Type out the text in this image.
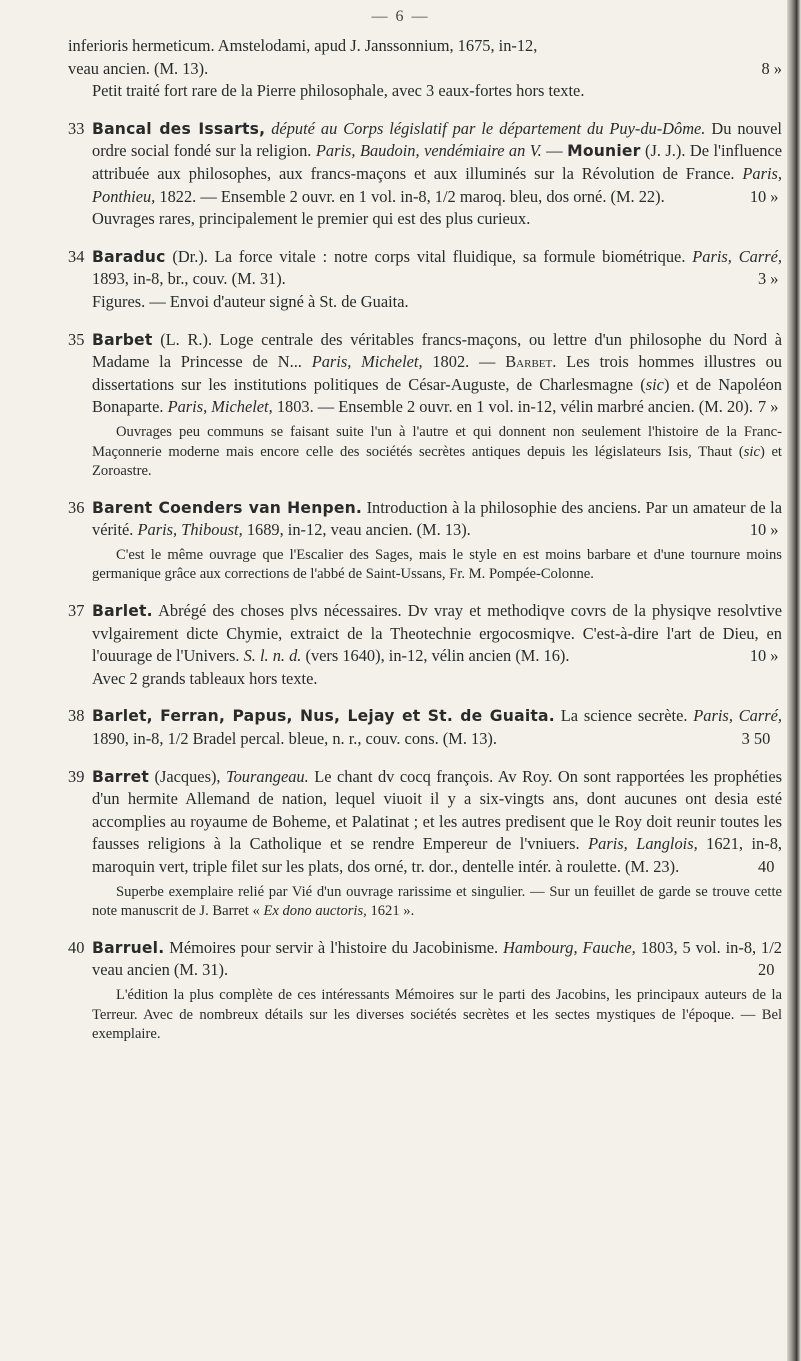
— 6 —

inferioris hermeticum. Amstelodami, apud J. Janssonnium, 1675, in-12,

veau ancien. (M. 13).	8 »

Petit traité fort rare de la Pierre philosophale, avec 3 eaux-fortes hors texte.

33 Bancal des Issarts, député au Corps législatif par le département du Puy-du-Dôme. Du nouvel ordre social fondé sur la religion. Paris, Baudoin, vendémiaire an V. — Mounier (J. J.). De l'influence attribuée aux philosophes, aux francs-maçons et aux illuminés sur la Révolution de France. Paris, Ponthieu, 1822. — Ensemble 2 ouvr. en 1 vol. in-8, 1/2 maroq. bleu, dos orné. (M. 22).	10 »

Ouvrages rares, principalement le premier qui est des plus curieux.

34 Baraduc (Dr.). La force vitale : notre corps vital fluidique, sa formule biométrique. Paris, Carré, 1893, in-8, br., couv. (M. 31).	3 »

Figures. — Envoi d'auteur signé à St. de Guaita.

35 Barbet (L. R.). Loge centrale des véritables francs-maçons, ou lettre d'un philosophe du Nord à Madame la Princesse de N... Paris, Michelet, 1802. — Barbet. Les trois hommes illustres ou dissertations sur les institutions politiques de César-Auguste, de Charlesmagne (sic) et de Napoléon Bonaparte. Paris, Michelet, 1803. — Ensemble 2 ouvr. en 1 vol. in-12, vélin marbré ancien. (M. 20). 7 »

Ouvrages peu communs se faisant suite l'un à l'autre et qui donnent non seulement l'histoire de la Franc-Maçonnerie moderne mais encore celle des sociétés secrètes antiques depuis les législateurs Isis, Thaut (sic) et Zoroastre.

36 Barent Coenders van Henpen. Introduction à la philosophie des anciens. Par un amateur de la vérité. Paris, Thiboust, 1689, in-12, veau ancien. (M. 13).	10 »

C'est le même ouvrage que l'Escalier des Sages, mais le style en est moins barbare et d'une tournure moins germanique grâce aux corrections de l'abbé de Saint-Ussans, Fr. M. Pompée-Colonne.

37 Barlet. Abrégé des choses plvs nécessaires. Dv vray et methodiqve covrs de la physiqve resolvtive vvlgairement dicte Chymie, extraict de la Theotechnie ergocosmiqve. C'est-à-dire l'art de Dieu, en l'ouurage de l'Univers. S. l. n. d. (vers 1640), in-12, vélin ancien (M. 16).	10 »

Avec 2 grands tableaux hors texte.

38 Barlet, Ferran, Papus, Nus, Lejay et St. de Guaita. La science secrète. Paris, Carré, 1890, in-8, 1/2 Bradel percal. bleue, n. r., couv. cons. (M. 13).	3 50

39 Barret (Jacques), Tourangeau. Le chant dv cocq françois. Av Roy. On sont rapportées les prophéties d'un hermite Allemand de nation, lequel viuoit il y a six-vingts ans, dont aucunes ont desia esté accomplies au royaume de Boheme, et Palatinat ; et les autres predisent que le Roy doit reunir toutes les fausses religions à la Catholique et se rendre Empereur de l'vniuers. Paris, Langlois, 1621, in-8, maroquin vert, triple filet sur les plats, dos orné, tr. dor., dentelle intér. à roulette. (M. 23).	40

Superbe exemplaire relié par Vié d'un ouvrage rarissime et singulier. — Sur un feuillet de garde se trouve cette note manuscrit de J. Barret « Ex dono auctoris, 1621 ».

40 Barruel. Mémoires pour servir à l'histoire du Jacobinisme. Hambourg, Fauche, 1803, 5 vol. in-8, 1/2 veau ancien (M. 31).	20

L'édition la plus complète de ces intéressants Mémoires sur le parti des Jacobins, les principaux auteurs de la Terreur. Avec de nombreux détails sur les diverses sociétés secrètes et les sectes mystiques de l'époque. — Bel exemplaire.
